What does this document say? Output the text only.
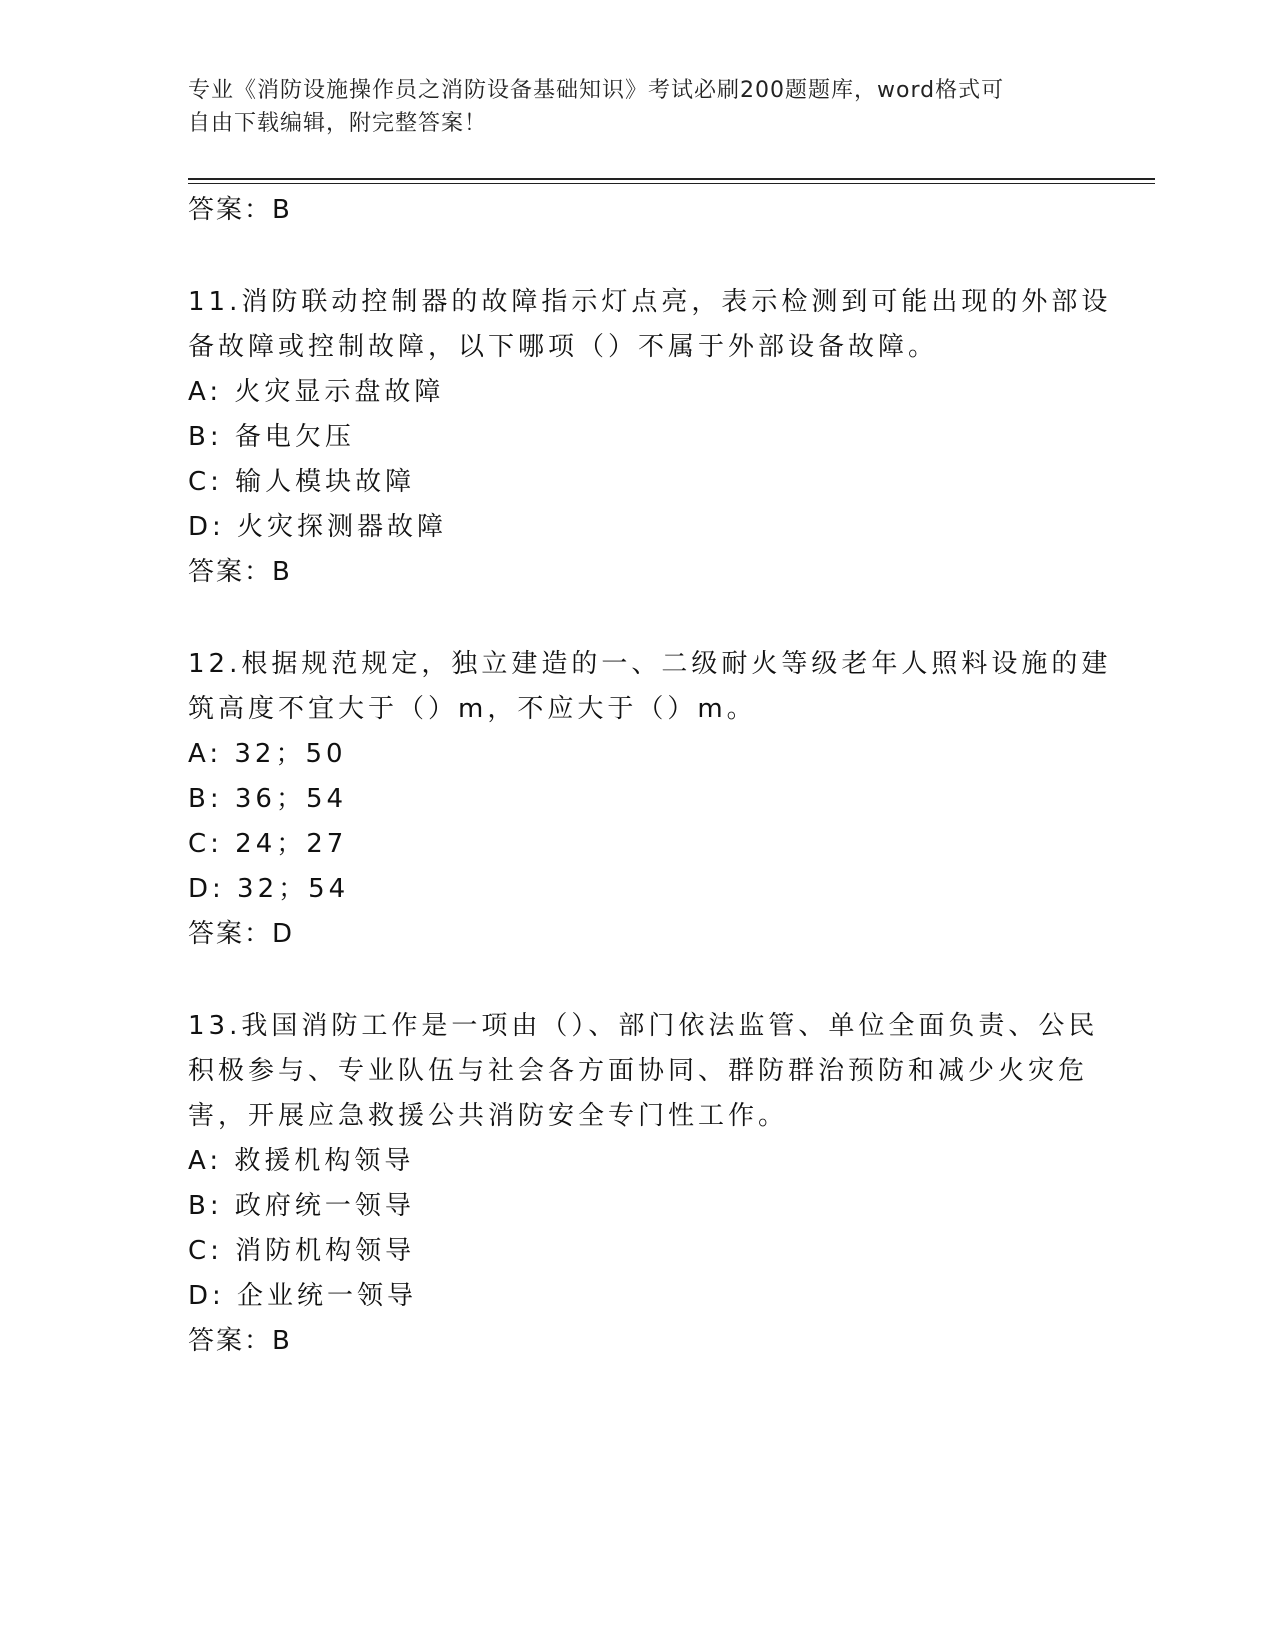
专业《消防设施操作员之消防设备基础知识》考试必刷200题题库，word格式可
自由下载编辑，附完整答案！
答案：B
11.消防联动控制器的故障指示灯点亮，表示检测到可能出现的外部设
备故障或控制故障，以下哪项（）不属于外部设备故障。
A: 火灾显示盘故障
B: 备电欠压
C: 输人模块故障
D: 火灾探测器故障
答案：B
12.根据规范规定，独立建造的一、二级耐火等级老年人照料设施的建
筑高度不宜大于（）m，不应大于（）m。
A: 32；50
B: 36；54
C: 24；27
D: 32；54
答案：D
13.我国消防工作是一项由（）、部门依法监管、单位全面负责、公民
积极参与、专业队伍与社会各方面协同、群防群治预防和减少火灾危
害，开展应急救援公共消防安全专门性工作。
A: 救援机构领导
B: 政府统一领导
C: 消防机构领导
D: 企业统一领导
答案：B
